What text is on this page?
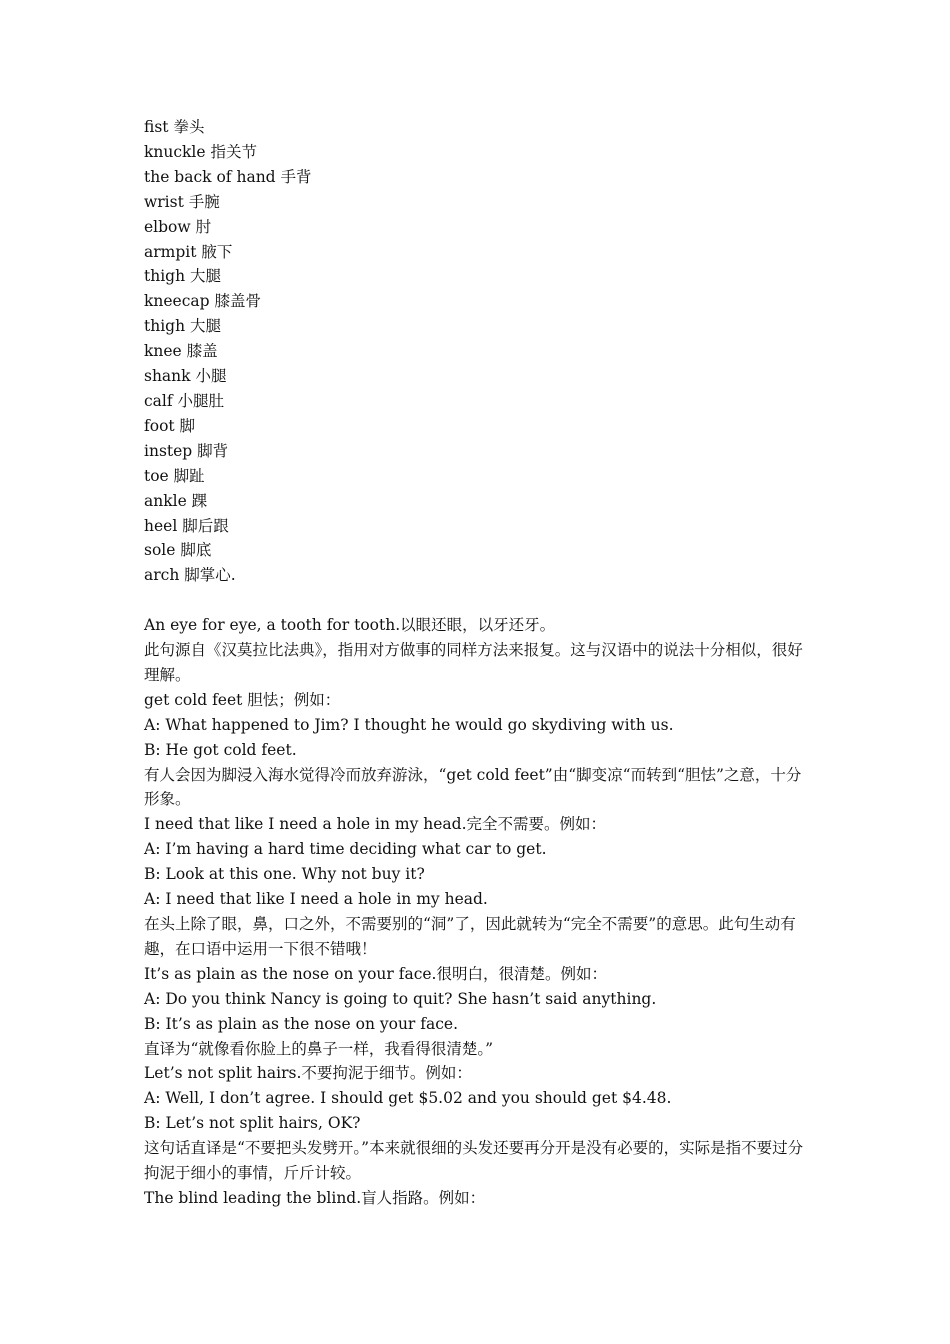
fist 拳头

knuckle 指关节

the back of hand 手背

wrist 手腕

elbow 肘

armpit 腋下

thigh 大腿

kneecap 膝盖骨

thigh 大腿

knee 膝盖

shank 小腿

calf 小腿肚

foot 脚

instep 脚背

toe 脚趾

ankle 踝

heel 脚后跟

sole 脚底

arch 脚掌心.

An eye for eye, a tooth for tooth.以眼还眼，以牙还牙。

此句源自《汉莫拉比法典》，指用对方做事的同样方法来报复。这与汉语中的说法十分相似，很好理解。

get cold feet 胆怯；例如：

A: What happened to Jim? I thought he would go skydiving with us.

B: He got cold feet.

有人会因为脚浸入海水觉得冷而放弃游泳，“get cold feet”由“脚变凉“而转到“胆怯”之意，十分形象。

I need that like I need a hole in my head.完全不需要。例如：

A: I’m having a hard time deciding what car to get.

B: Look at this one. Why not buy it?

A: I need that like I need a hole in my head.

在头上除了眼，鼻，口之外，不需要别的“洞”了，因此就转为“完全不需要”的意思。此句生动有趣，在口语中运用一下很不错哦！

It’s as plain as the nose on your face.很明白，很清楚。例如：

A: Do you think Nancy is going to quit? She hasn’t said anything.

B: It’s as plain as the nose on your face.

直译为“就像看你脸上的鼻子一样，我看得很清楚。”

Let’s not split hairs.不要拘泥于细节。例如：

A: Well, I don’t agree. I should get $5.02 and you should get $4.48.

B: Let’s not split hairs, OK?

这句话直译是“不要把头发劈开。”本来就很细的头发还要再分开是没有必要的，实际是指不要过分拘泥于细小的事情，斤斤计较。

The blind leading the blind.盲人指路。例如：
